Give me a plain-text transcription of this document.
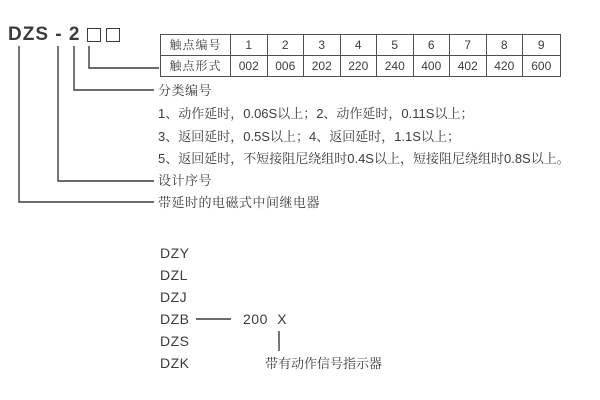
DZS - 2
触点编号	1	2	3	4	5	6	7	8	9
触点形式	002	006	202	220	240	400	402	420	600
分类编号
1、动作延时，0.06S以上；2、动作延时，0.11S以上；
3、返回延时，0.5S以上；4、返回延时，1.1S以上；
5、返回延时，不短接阻尼绕组时0.4S以上，短接阻尼绕组时0.8S以上。
设计序号
带延时的电磁式中间继电器
DZY
DZL
DZJ
DZB
DZS
DZK
200 X
带有动作信号指示器
